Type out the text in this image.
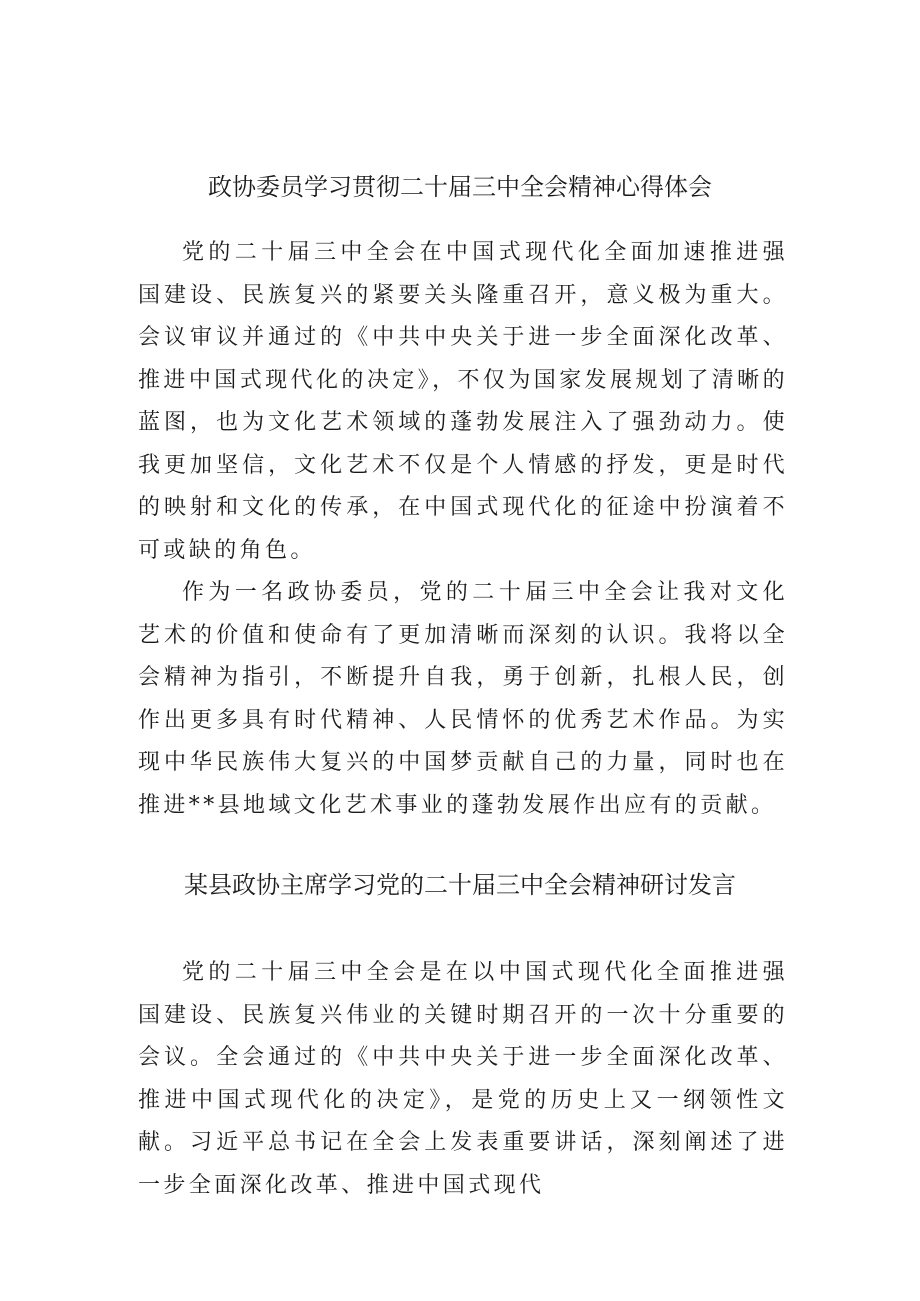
政协委员学习贯彻二十届三中全会精神心得体会

党的二十届三中全会在中国式现代化全面加速推进强国建设、民族复兴的紧要关头隆重召开，意义极为重大。会议审议并通过的《中共中央关于进一步全面深化改革、推进中国式现代化的决定》，不仅为国家发展规划了清晰的蓝图，也为文化艺术领域的蓬勃发展注入了强劲动力。使我更加坚信，文化艺术不仅是个人情感的抒发，更是时代的映射和文化的传承，在中国式现代化的征途中扮演着不可或缺的角色。

作为一名政协委员，党的二十届三中全会让我对文化艺术的价值和使命有了更加清晰而深刻的认识。我将以全会精神为指引，不断提升自我，勇于创新，扎根人民，创作出更多具有时代精神、人民情怀的优秀艺术作品。为实现中华民族伟大复兴的中国梦贡献自己的力量，同时也在推进**县地域文化艺术事业的蓬勃发展作出应有的贡献。

某县政协主席学习党的二十届三中全会精神研讨发言

党的二十届三中全会是在以中国式现代化全面推进强国建设、民族复兴伟业的关键时期召开的一次十分重要的会议。全会通过的《中共中央关于进一步全面深化改革、推进中国式现代化的决定》，是党的历史上又一纲领性文献。习近平总书记在全会上发表重要讲话，深刻阐述了进一步全面深化改革、推进中国式现代
